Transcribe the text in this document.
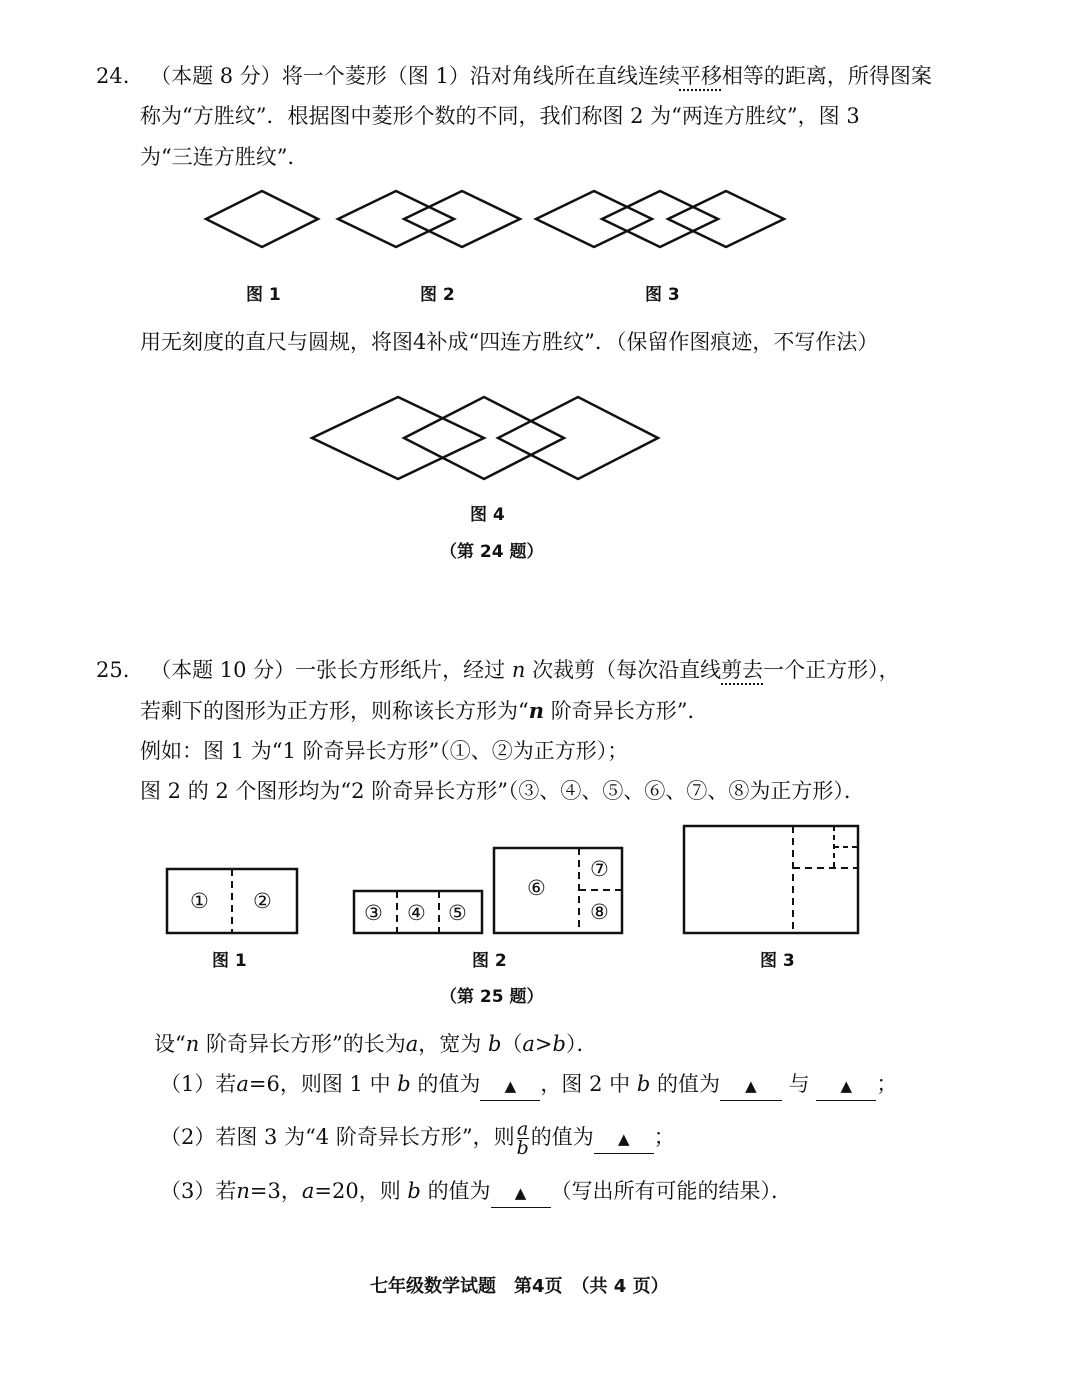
24. （本题 8 分）将一个菱形（图 1）沿对角线所在直线连续平移相等的距离，所得图案
称为“方胜纹”．根据图中菱形个数的不同，我们称图 2 为“两连方胜纹”，图 3
为“三连方胜纹”．
图 1	图 2	图 3
用无刻度的直尺与圆规，将图4补成“四连方胜纹”．（保留作图痕迹，不写作法）
图 4
（第 24 题）
25. （本题 10 分）一张长方形纸片，经过 n 次裁剪（每次沿直线剪去一个正方形），
若剩下的图形为正方形，则称该长方形为“n 阶奇异长方形”．
例如：图 1 为“1 阶奇异长方形”（①、②为正方形）；
图 2 的 2 个图形均为“2 阶奇异长方形”（③、④、⑤、⑥、⑦、⑧为正方形）．
① ②	③ ④ ⑤
⑥
⑦
⑧
图 1	图 2	图 3
（第 25 题）
设“n 阶奇异长方形”的长为a，宽为 b（a>b）．
（1）若a=6，则图 1 中 b 的值为 ▲ ，图 2 中 b 的值为 ▲ 与 ▲ ；
（2）若图 3 为“4 阶奇异长方形”，则 $\frac{a}{b}$ 的值为 ▲ ；
（3）若n=3，a=20，则 b 的值为 ▲ （写出所有可能的结果）．
七年级数学试题　第4页　（共 4 页）
